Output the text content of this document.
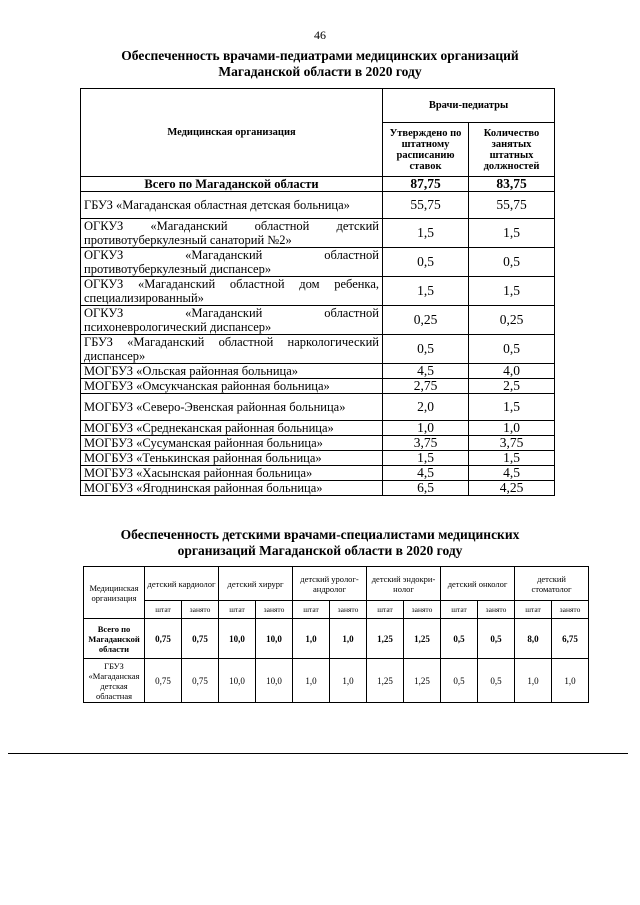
46
Обеспеченность врачами-педиатрами медицинских организаций
Магаданской области в 2020 году
Медицинская организация	Врачи-педиатры	
	Утверждено по штатному расписанию ставок	Количество занятых штатных должностей
Всего по Магаданской области	87,75	83,75
ГБУЗ «Магаданская областная детская больница»	55,75	55,75
ОГКУЗ «Магаданский областной детский противотуберкулезный санаторий №2»	1,5	1,5
ОГКУЗ «Магаданский областной противотуберкулезный диспансер»	0,5	0,5
ОГКУЗ «Магаданский областной дом ребенка, специализированный»	1,5	1,5
ОГКУЗ «Магаданский областной психоневрологический диспансер»	0,25	0,25
ГБУЗ «Магаданский областной наркологический диспансер»	0,5	0,5
МОГБУЗ «Ольская районная больница»	4,5	4,0
МОГБУЗ «Омсукчанская районная больница»	2,75	2,5
МОГБУЗ «Северо-Эвенская районная больница»	2,0	1,5
МОГБУЗ «Среднеканская районная больница»	1,0	1,0
МОГБУЗ «Сусуманская районная больница»	3,75	3,75
МОГБУЗ «Тенькинская районная больница»	1,5	1,5
МОГБУЗ «Хасынская районная больница»	4,5	4,5
МОГБУЗ «Ягоднинская районная больница»	6,5	4,25
Обеспеченность детскими врачами-специалистами медицинских
организаций Магаданской области в 2020 году
Медицинская организация	детский кардиолог		детский хирург		детский уролог-андролог		детский эндокри-нолог		детский онколог		детский стоматолог	
	штат	занято	штат	занято	штат	занято	штат	занято	штат	занято	штат	занято
Всего по Магаданской области	0,75	0,75	10,0	10,0	1,0	1,0	1,25	1,25	0,5	0,5	8,0	6,75
ГБУЗ «Магаданская детская областная	0,75	0,75	10,0	10,0	1,0	1,0	1,25	1,25	0,5	0,5	1,0	1,0
